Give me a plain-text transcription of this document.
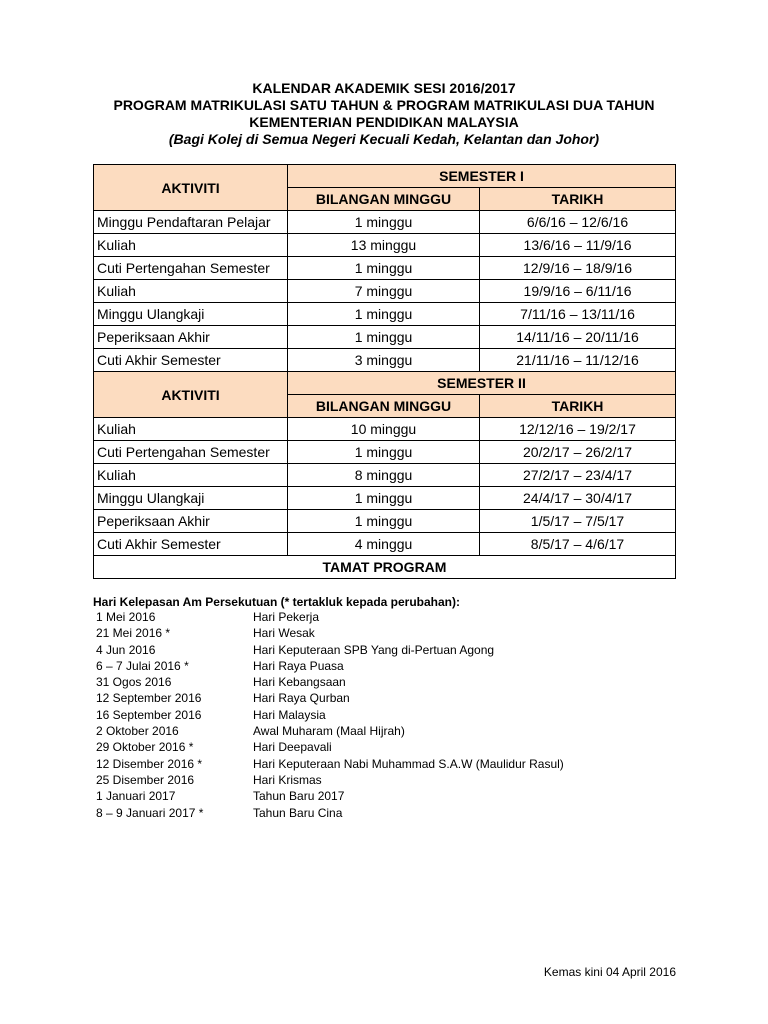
KALENDAR AKADEMIK SESI 2016/2017
PROGRAM MATRIKULASI SATU TAHUN & PROGRAM MATRIKULASI DUA TAHUN
KEMENTERIAN PENDIDIKAN MALAYSIA
(Bagi Kolej di Semua Negeri Kecuali Kedah, Kelantan dan Johor)
AKTIVITI	SEMESTER I	
	BILANGAN MINGGU	TARIKH
Minggu Pendaftaran Pelajar	1 minggu	6/6/16 – 12/6/16
Kuliah	13 minggu	13/6/16 – 11/9/16
Cuti Pertengahan Semester	1 minggu	12/9/16 – 18/9/16
Kuliah	7 minggu	19/9/16 – 6/11/16
Minggu Ulangkaji	1 minggu	7/11/16 – 13/11/16
Peperiksaan Akhir	1 minggu	14/11/16 – 20/11/16
Cuti Akhir Semester	3 minggu	21/11/16 – 11/12/16
AKTIVITI	SEMESTER II	
	BILANGAN MINGGU	TARIKH
Kuliah	10 minggu	12/12/16 – 19/2/17
Cuti Pertengahan Semester	1 minggu	20/2/17 – 26/2/17
Kuliah	8 minggu	27/2/17 – 23/4/17
Minggu Ulangkaji	1 minggu	24/4/17 – 30/4/17
Peperiksaan Akhir	1 minggu	1/5/17 – 7/5/17
Cuti Akhir Semester	4 minggu	8/5/17 – 4/6/17
TAMAT PROGRAM		
Hari Kelepasan Am Persekutuan (* tertakluk kepada perubahan):
1 Mei 2016	Hari Pekerja
21 Mei 2016 *	Hari Wesak
4 Jun 2016	Hari Keputeraan SPB Yang di-Pertuan Agong
6 – 7 Julai 2016 *	Hari Raya Puasa
31 Ogos 2016	Hari Kebangsaan
12 September 2016	Hari Raya Qurban
16 September 2016	Hari Malaysia
2 Oktober 2016	Awal Muharam (Maal Hijrah)
29 Oktober 2016 *	Hari Deepavali
12 Disember 2016 *	Hari Keputeraan Nabi Muhammad S.A.W (Maulidur Rasul)
25 Disember 2016	Hari Krismas
1 Januari 2017	Tahun Baru 2017
8 – 9 Januari 2017 *	Tahun Baru Cina
Kemas kini 04 April 2016
